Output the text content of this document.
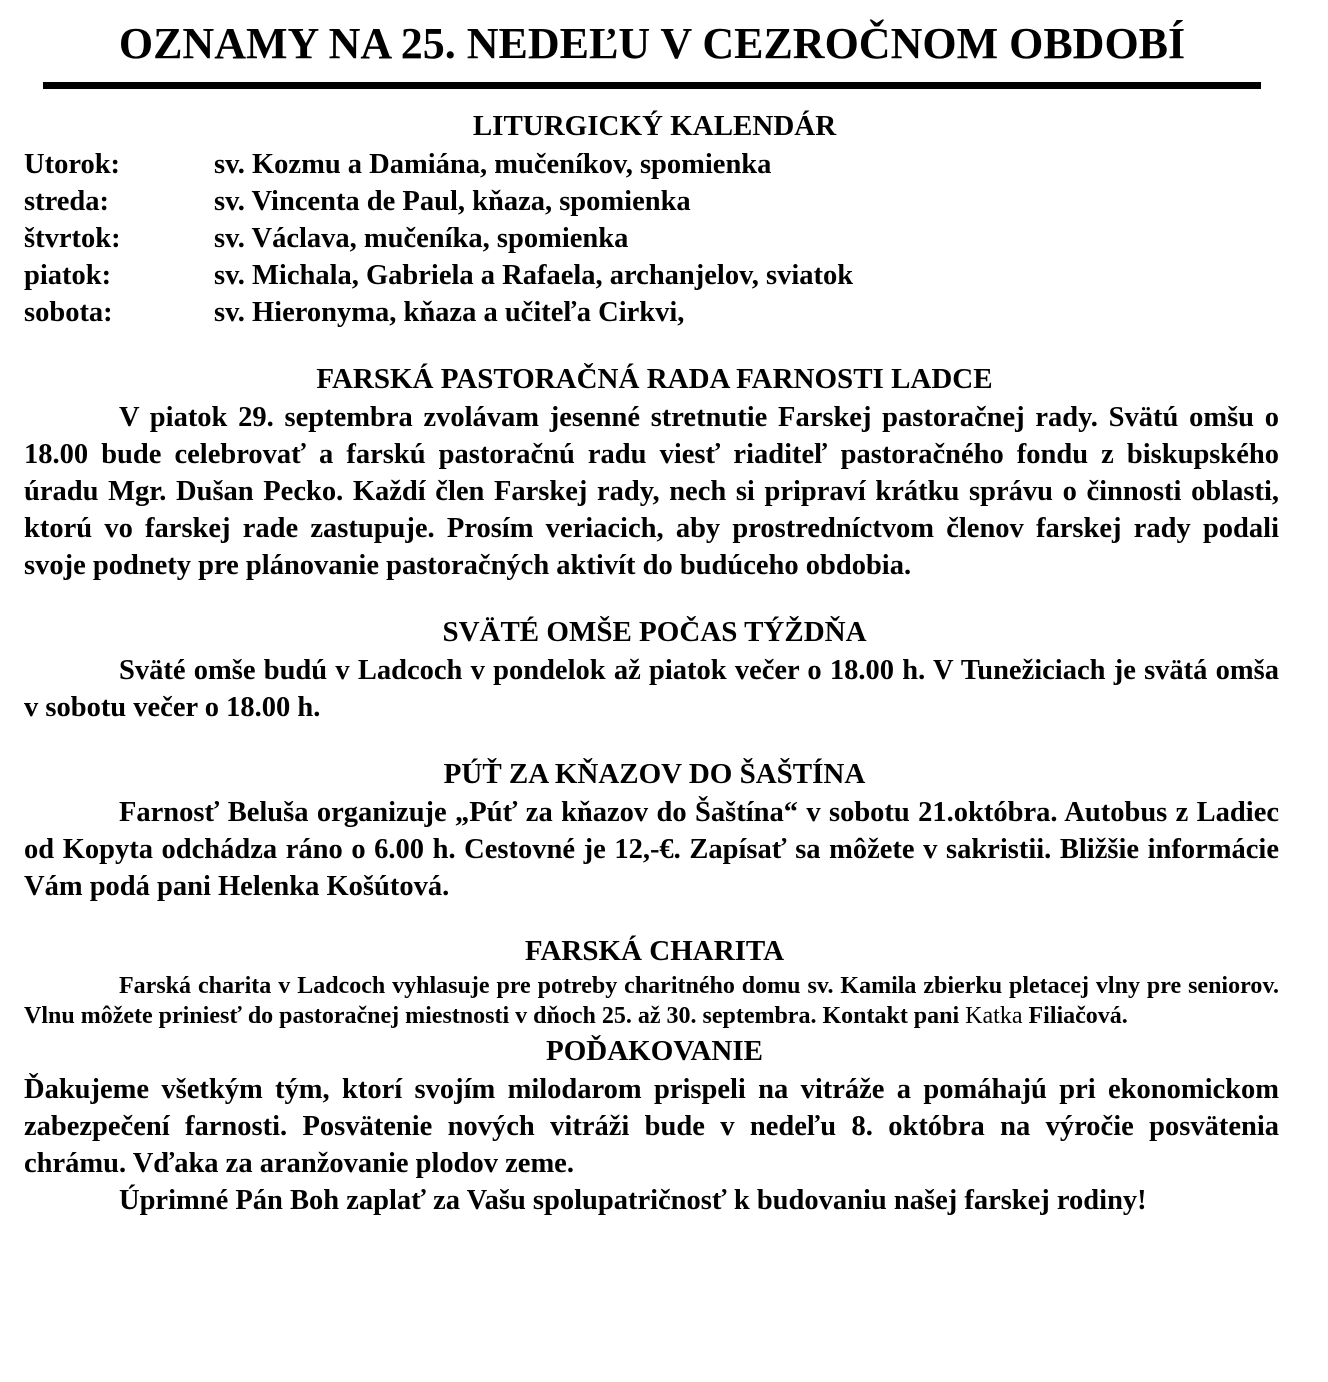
OZNAMY NA 25. NEDEĽU V CEZROČNOM OBDOBÍ
LITURGICKÝ KALENDÁR
Utorok:	sv. Kozmu a Damiána, mučeníkov, spomienka
streda:	sv. Vincenta de Paul, kňaza, spomienka
štvrtok:	sv. Václava, mučeníka, spomienka
piatok:	sv. Michala, Gabriela a Rafaela, archanjelov, sviatok
sobota:	sv. Hieronyma, kňaza a učiteľa Cirkvi,
FARSKÁ PASTORAČNÁ RADA FARNOSTI LADCE

V piatok 29. septembra zvolávam jesenné stretnutie Farskej pastoračnej rady. Svätú omšu o 18.00 bude celebrovať a farskú pastoračnú radu viesť riaditeľ pastoračného fondu z biskupského úradu Mgr. Dušan Pecko. Každí člen Farskej rady, nech si pripraví krátku správu o činnosti oblasti, ktorú vo farskej rade zastupuje. Prosím veriacich, aby prostredníctvom členov farskej rady podali svoje podnety pre plánovanie pastoračných aktivít do budúceho obdobia.

SVÄTÉ OMŠE POČAS TÝŽDŇA

Sväté omše budú v Ladcoch v pondelok až piatok večer o 18.00 h. V Tunežiciach je svätá omša v sobotu večer o 18.00 h.

PÚŤ ZA KŇAZOV DO ŠAŠTÍNA

Farnosť Beluša organizuje „Púť za kňazov do Šaštína“ v sobotu 21.októbra. Autobus z Ladiec od Kopyta odchádza ráno o 6.00 h. Cestovné je 12,-€. Zapísať sa môžete v sakristii. Bližšie informácie Vám podá pani Helenka Košútová.

FARSKÁ CHARITA

Farská charita v Ladcoch vyhlasuje pre potreby charitného domu sv. Kamila zbierku pletacej vlny pre seniorov. Vlnu môžete priniesť do pastoračnej miestnosti v dňoch 25. až 30. septembra. Kontakt pani Katka Filiačová.

POĎAKOVANIE

Ďakujeme všetkým tým, ktorí svojím milodarom prispeli na vitráže a pomáhajú pri ekonomickom zabezpečení farnosti. Posvätenie nových vitráži bude v nedeľu 8. októbra na výročie posvätenia chrámu. Vďaka za aranžovanie plodov zeme.

Úprimné Pán Boh zaplať za Vašu spolupatričnosť k budovaniu našej farskej rodiny!
